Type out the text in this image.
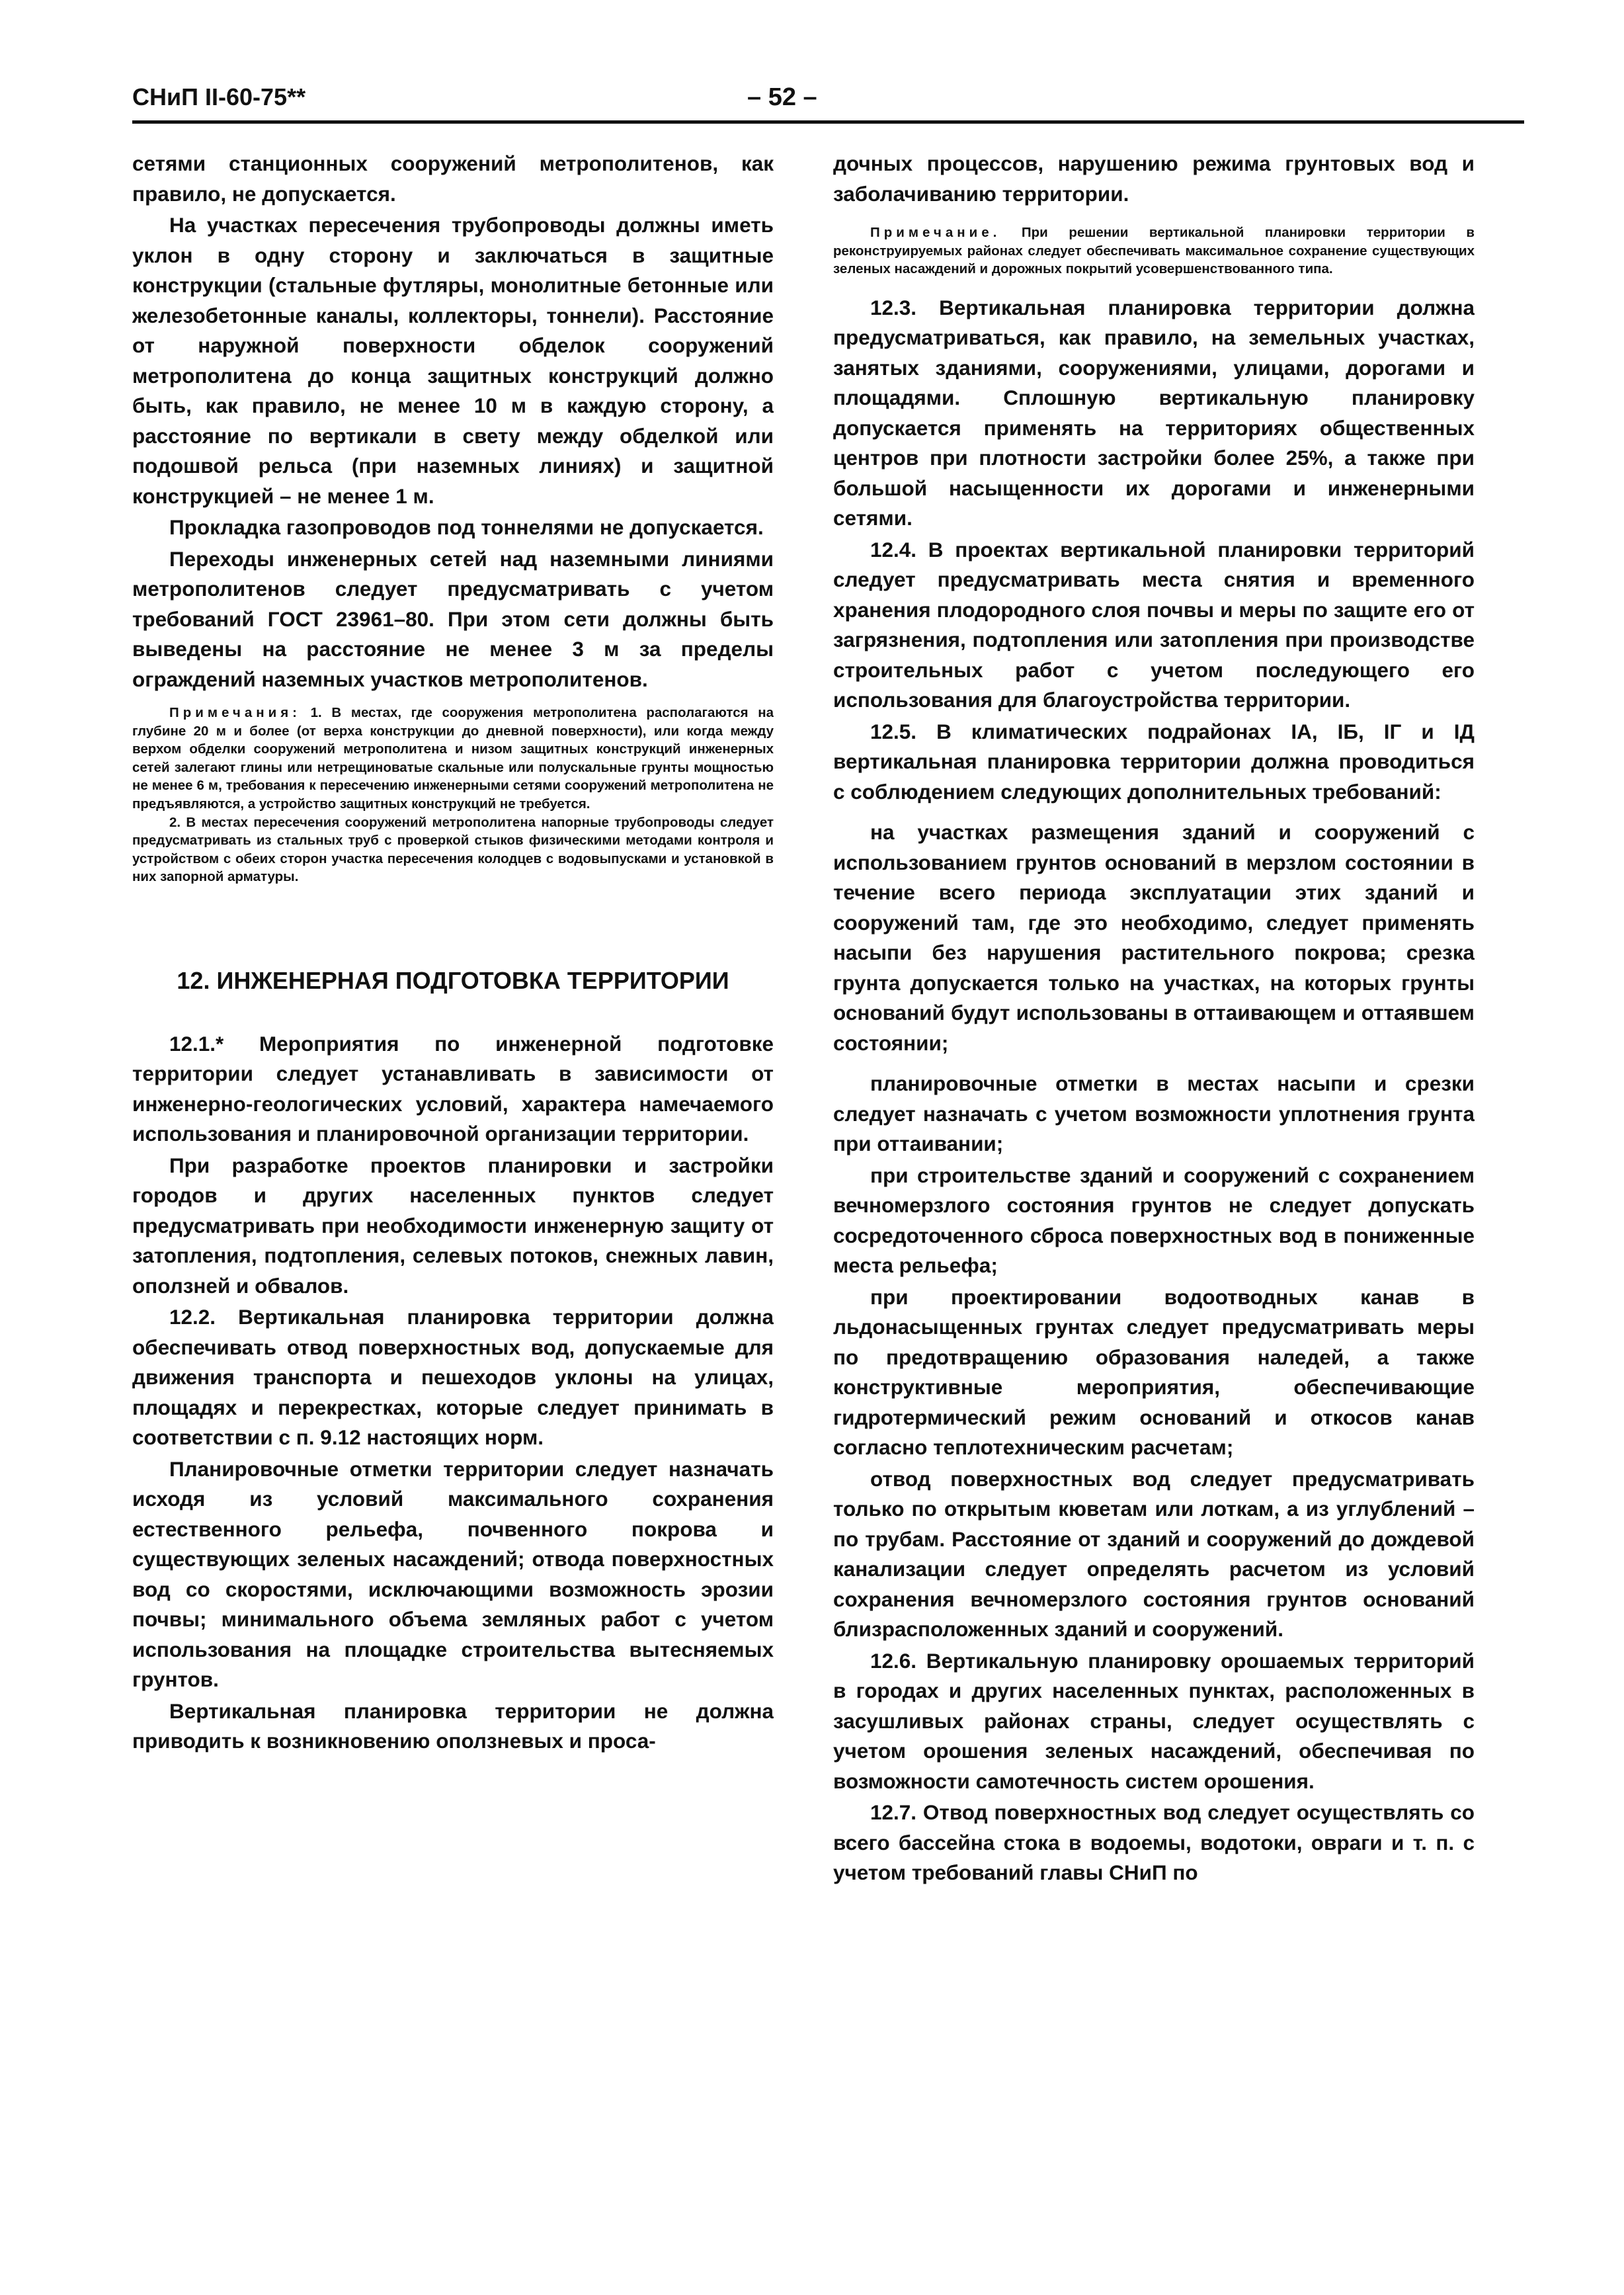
СНиП II-60-75**	– 52 –

сетями станционных сооружений метрополитенов, как правило, не допускается.

На участках пересечения трубопроводы должны иметь уклон в одну сторону и заключаться в защитные конструкции (стальные футляры, монолитные бетонные или железобетонные каналы, коллекторы, тоннели). Расстояние от наружной поверхности обделок сооружений метрополитена до конца защитных конструкций должно быть, как правило, не менее 10 м в каждую сторону, а расстояние по вертикали в свету между обделкой или подошвой рельса (при наземных линиях) и защитной конструкцией – не менее 1 м.

Прокладка газопроводов под тоннелями не допускается.

Переходы инженерных сетей над наземными линиями метрополитенов следует предусматривать с учетом требований ГОСТ 23961–80. При этом сети должны быть выведены на расстояние не менее 3 м за пределы ограждений наземных участков метрополитенов.

Примечания: 1. В местах, где сооружения метрополитена располагаются на глубине 20 м и более (от верха конструкции до дневной поверхности), или когда между верхом обделки сооружений метрополитена и низом защитных конструкций инженерных сетей залегают глины или нетрещиноватые скальные или полускальные грунты мощностью не менее 6 м, требования к пересечению инженерными сетями сооружений метрополитена не предъявляются, а устройство защитных конструкций не требуется.

2. В местах пересечения сооружений метрополитена напорные трубопроводы следует предусматривать из стальных труб с проверкой стыков физическими методами контроля и устройством с обеих сторон участка пересечения колодцев с водовыпусками и установкой в них запорной арматуры.

12. ИНЖЕНЕРНАЯ ПОДГОТОВКА ТЕРРИТОРИИ

12.1.* Мероприятия по инженерной подготовке территории следует устанавливать в зависимости от инженерно-геологических условий, характера намечаемого использования и планировочной организации территории.

При разработке проектов планировки и застройки городов и других населенных пунктов следует предусматривать при необходимости инженерную защиту от затопления, подтопления, селевых потоков, снежных лавин, оползней и обвалов.

12.2. Вертикальная планировка территории должна обеспечивать отвод поверхностных вод, допускаемые для движения транспорта и пешеходов уклоны на улицах, площадях и перекрестках, которые следует принимать в соответствии с п. 9.12 настоящих норм.

Планировочные отметки территории следует назначать исходя из условий максимального сохранения естественного рельефа, почвенного покрова и существующих зеленых насаждений; отвода поверхностных вод со скоростями, исключающими возможность эрозии почвы; минимального объема земляных работ с учетом использования на площадке строительства вытесняемых грунтов.

Вертикальная планировка территории не должна приводить к возникновению оползневых и проса-

дочных процессов, нарушению режима грунтовых вод и заболачиванию территории.

Примечание. При решении вертикальной планировки территории в реконструируемых районах следует обеспечивать максимальное сохранение существующих зеленых насаждений и дорожных покрытий усовершенствованного типа.

12.3. Вертикальная планировка территории должна предусматриваться, как правило, на земельных участках, занятых зданиями, сооружениями, улицами, дорогами и площадями. Сплошную вертикальную планировку допускается применять на территориях общественных центров при плотности застройки более 25%, а также при большой насыщенности их дорогами и инженерными сетями.

12.4. В проектах вертикальной планировки территорий следует предусматривать места снятия и временного хранения плодородного слоя почвы и меры по защите его от загрязнения, подтопления или затопления при производстве строительных работ с учетом последующего его использования для благоустройства территории.

12.5. В климатических подрайонах IА, IБ, IГ и IД вертикальная планировка территории должна проводиться с соблюдением следующих дополнительных требований:

на участках размещения зданий и сооружений с использованием грунтов оснований в мерзлом состоянии в течение всего периода эксплуатации этих зданий и сооружений там, где это необходимо, следует применять насыпи без нарушения растительного покрова; срезка грунта допускается только на участках, на которых грунты оснований будут использованы в оттаивающем и оттаявшем состоянии;

планировочные отметки в местах насыпи и срезки следует назначать с учетом возможности уплотнения грунта при оттаивании;

при строительстве зданий и сооружений с сохранением вечномерзлого состояния грунтов не следует допускать сосредоточенного сброса поверхностных вод в пониженные места рельефа;

при проектировании водоотводных канав в льдонасыщенных грунтах следует предусматривать меры по предотвращению образования наледей, а также конструктивные мероприятия, обеспечивающие гидротермический режим оснований и откосов канав согласно теплотехническим расчетам;

отвод поверхностных вод следует предусматривать только по открытым кюветам или лоткам, а из углублений – по трубам. Расстояние от зданий и сооружений до дождевой канализации следует определять расчетом из условий сохранения вечномерзлого состояния грунтов оснований близрасположенных зданий и сооружений.

12.6. Вертикальную планировку орошаемых территорий в городах и других населенных пунктах, расположенных в засушливых районах страны, следует осуществлять с учетом орошения зеленых насаждений, обеспечивая по возможности самотечность систем орошения.

12.7. Отвод поверхностных вод следует осуществлять со всего бассейна стока в водоемы, водотоки, овраги и т. п. с учетом требований главы СНиП по
